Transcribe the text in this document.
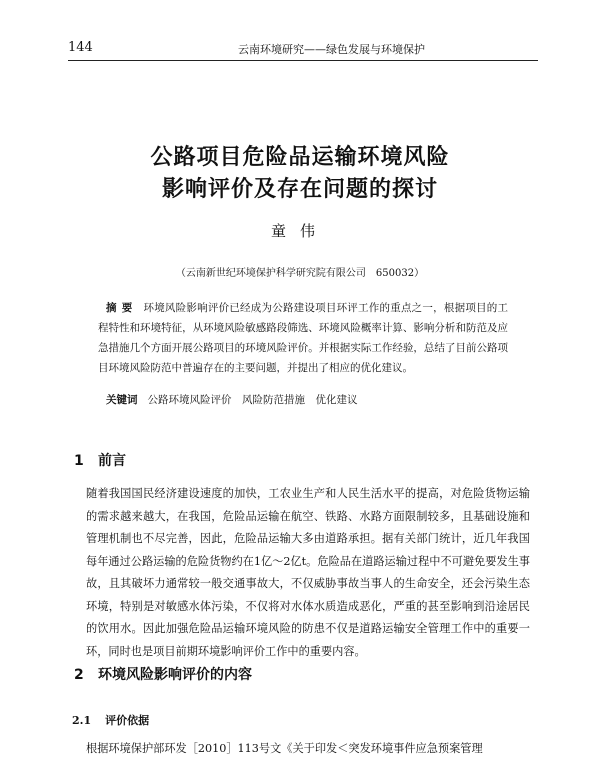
144	云南环境研究——绿色发展与环境保护
公路项目危险品运输环境风险
影响评价及存在问题的探讨
童伟
（云南新世纪环境保护科学研究院有限公司　650032）
摘要 环境风险影响评价已经成为公路建设项目环评工作的重点之一，根据项目的工程特性和环境特征，从环境风险敏感路段筛选、环境风险概率计算、影响分析和防范及应急措施几个方面开展公路项目的环境风险评价。并根据实际工作经验，总结了目前公路项目环境风险防范中普遍存在的主要问题，并提出了相应的优化建议。
关键词 公路环境风险评价　风险防范措施　优化建议
1 前言
随着我国国民经济建设速度的加快，工农业生产和人民生活水平的提高，对危险货物运输的需求越来越大，在我国，危险品运输在航空、铁路、水路方面限制较多，且基础设施和管理机制也不尽完善，因此，危险品运输大多由道路承担。据有关部门统计，近几年我国每年通过公路运输的危险货物约在1亿～2亿t。危险品在道路运输过程中不可避免要发生事故，且其破坏力通常较一般交通事故大，不仅威胁事故当事人的生命安全，还会污染生态环境，特别是对敏感水体污染，不仅将对水体水质造成恶化，严重的甚至影响到沿途居民的饮用水。因此加强危险品运输环境风险的防患不仅是道路运输安全管理工作中的重要一环，同时也是项目前期环境影响评价工作中的重要内容。
2 环境风险影响评价的内容
2.1 评价依据
根据环境保护部环发［2010］113号文《关于印发＜突发环境事件应急预案管理
